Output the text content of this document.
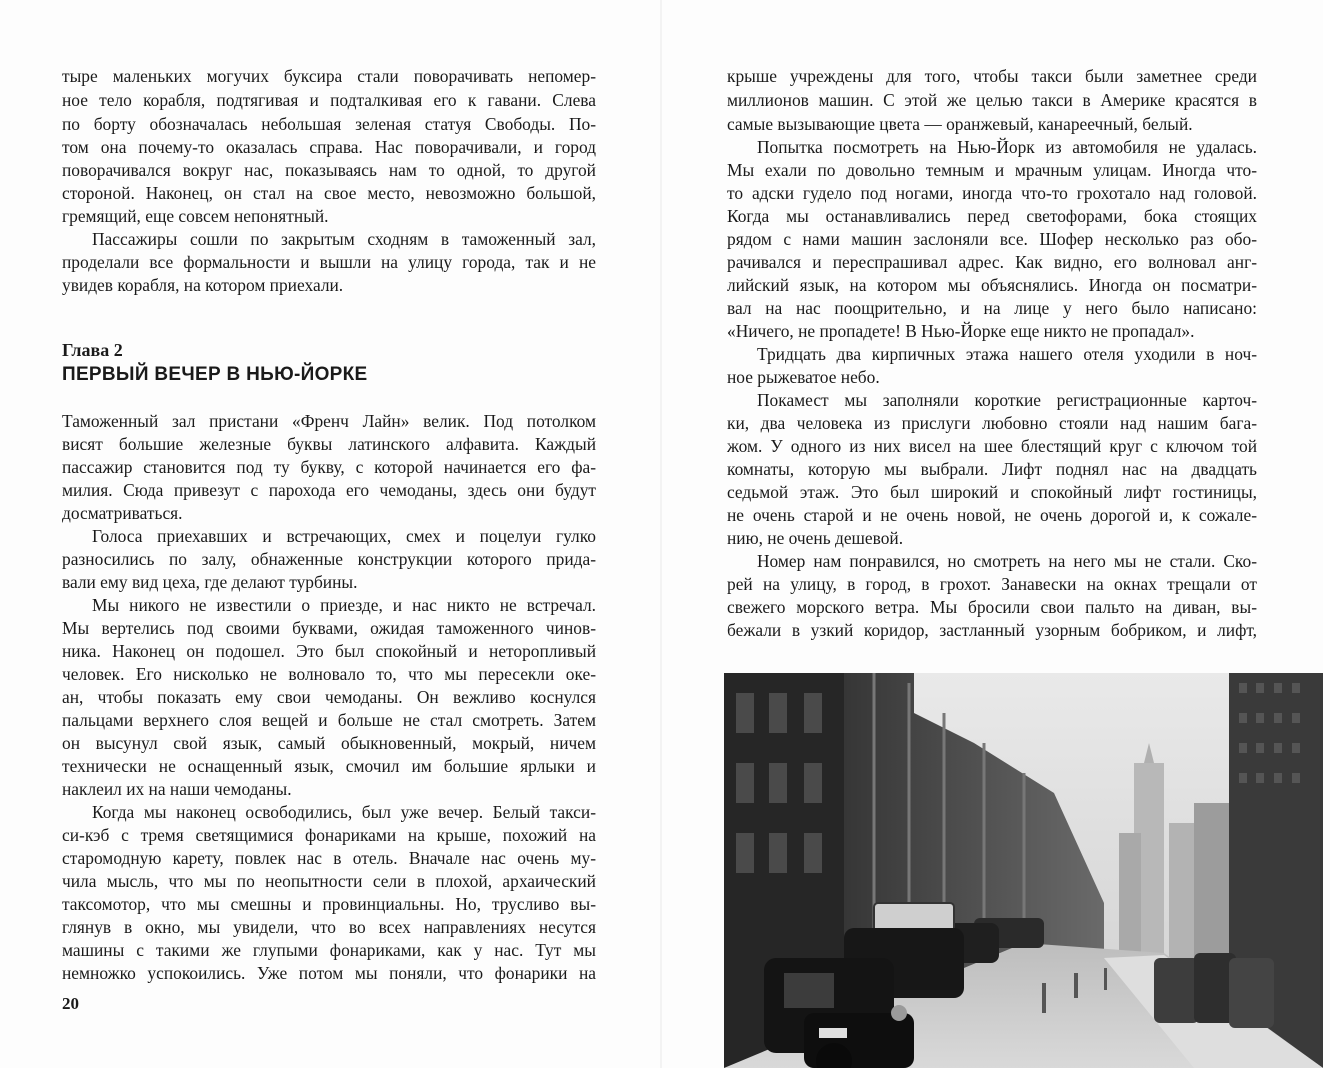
тыре маленьких могучих буксира стали поворачивать непомер-
ное тело корабля, подтягивая и подталкивая его к гавани. Слева
по борту обозначалась небольшая зеленая статуя Свободы. По-
том она почему-то оказалась справа. Нас поворачивали, и город
поворачивался вокруг нас, показываясь нам то одной, то другой
стороной. Наконец, он стал на свое место, невозможно большой,
гремящий, еще совсем непонятный.
Пассажиры сошли по закрытым сходням в таможенный зал,
проделали все формальности и вышли на улицу города, так и не
увидев корабля, на котором приехали.
Глава 2
ПЕРВЫЙ ВЕЧЕР В НЬЮ-ЙОРКЕ
Таможенный зал пристани «Френч Лайн» велик. Под потолком
висят большие железные буквы латинского алфавита. Каждый
пассажир становится под ту букву, с которой начинается его фа-
милия. Сюда привезут с парохода его чемоданы, здесь они будут
досматриваться.
Голоса приехавших и встречающих, смех и поцелуи гулко
разносились по залу, обнаженные конструкции которого прида-
вали ему вид цеха, где делают турбины.
Мы никого не известили о приезде, и нас никто не встречал.
Мы вертелись под своими буквами, ожидая таможенного чинов-
ника. Наконец он подошел. Это был спокойный и неторопливый
человек. Его нисколько не волновало то, что мы пересекли оке-
ан, чтобы показать ему свои чемоданы. Он вежливо коснулся
пальцами верхнего слоя вещей и больше не стал смотреть. Затем
он высунул свой язык, самый обыкновенный, мокрый, ничем
технически не оснащенный язык, смочил им большие ярлыки и
наклеил их на наши чемоданы.
Когда мы наконец освободились, был уже вечер. Белый такси-
си-кэб с тремя светящимися фонариками на крыше, похожий на
старомодную карету, повлек нас в отель. Вначале нас очень му-
чила мысль, что мы по неопытности сели в плохой, архаический
таксомотор, что мы смешны и провинциальны. Но, трусливо вы-
глянув в окно, мы увидели, что во всех направлениях несутся
машины с такими же глупыми фонариками, как у нас. Тут мы
немножко успокоились. Уже потом мы поняли, что фонарики на
20
крыше учреждены для того, чтобы такси были заметнее среди
миллионов машин. С этой же целью такси в Америке красятся в
самые вызывающие цвета — оранжевый, канареечный, белый.
Попытка посмотреть на Нью-Йорк из автомобиля не удалась.
Мы ехали по довольно темным и мрачным улицам. Иногда что-
то адски гудело под ногами, иногда что-то грохотало над головой.
Когда мы останавливались перед светофорами, бока стоящих
рядом с нами машин заслоняли все. Шофер несколько раз обо-
рачивался и переспрашивал адрес. Как видно, его волновал анг-
лийский язык, на котором мы объяснялись. Иногда он посматри-
вал на нас поощрительно, и на лице у него было написано:
«Ничего, не пропадете! В Нью-Йорке еще никто не пропадал».
Тридцать два кирпичных этажа нашего отеля уходили в ноч-
ное рыжеватое небо.
Покамест мы заполняли короткие регистрационные карточ-
ки, два человека из прислуги любовно стояли над нашим бага-
жом. У одного из них висел на шее блестящий круг с ключом той
комнаты, которую мы выбрали. Лифт поднял нас на двадцать
седьмой этаж. Это был широкий и спокойный лифт гостиницы,
не очень старой и не очень новой, не очень дорогой и, к сожале-
нию, не очень дешевой.
Номер нам понравился, но смотреть на него мы не стали. Ско-
рей на улицу, в город, в грохот. Занавески на окнах трещали от
свежего морского ветра. Мы бросили свои пальто на диван, вы-
бежали в узкий коридор, застланный узорным бобриком, и лифт,
